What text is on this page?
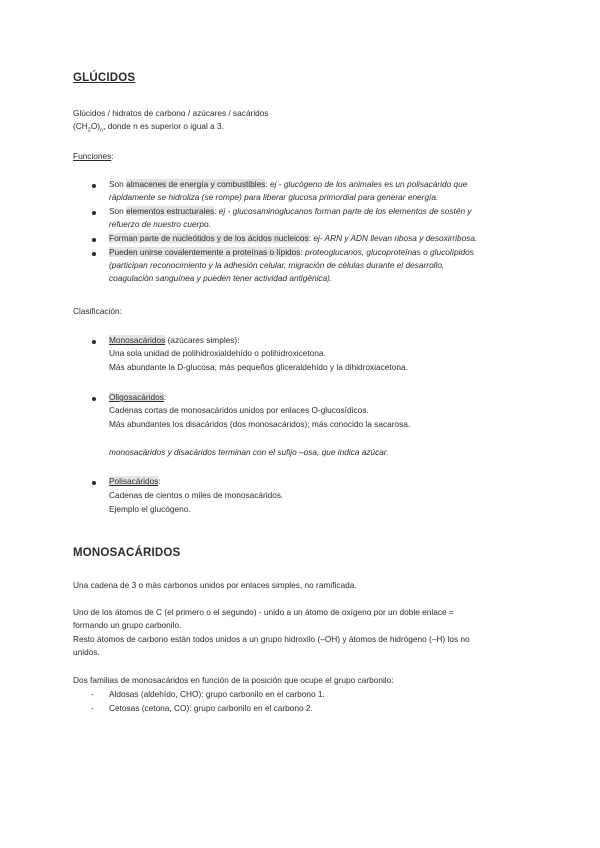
GLÚCIDOS
Glúcidos / hidratos de carbono / azúcares / sacáridos
$(CH_2O)_n$, donde n es superior o igual a 3.
Funciones:
Son almacenes de energía y combustibles: ej - glucógeno de los animales es un polisacárido que
rápidamente se hidroliza (se rompe) para liberar glucosa primordial para generar energía.
Son elementos estructurales: ej - glucosaminoglucanos forman parte de los elementos de sostén y
refuerzo de nuestro cuerpo.
Forman parte de nucleótidos y de los ácidos nucleicos: ej- ARN y ADN llevan ribosa y desoxirribosa.
Pueden unirse covalentemente a proteínas o lípidos: proteoglucanos, glucoproteínas o glucolípidos
(participan reconocimiento y la adhesión celular, migración de células durante el desarrollo,
coagulación sanguínea y pueden tener actividad antigénica).
Clasificación:
Monosacáridos (azúcares simples):
Una sola unidad de polihidroxialdehído o polihidroxicetona.
Más abundante la D-glucosa; más pequeños gliceraldehído y la dihidroxiacetona.
Oligosacáridos:
Cadenas cortas de monosacáridos unidos por enlaces O-glucosídicos.
Más abundantes los disacáridos (dos monosacáridos); más conocido la sacarosa.
monosacáridos y disacáridos terminan con el sufijo –osa, que indica azúcar.
Polisacáridos:
Cadenas de cientos o miles de monosacáridos.
Ejemplo el glucógeno.
MONOSACÁRIDOS
Una cadena de 3 o más carbonos unidos por enlaces simples, no ramificada.
Uno de los átomos de C (el primero o el segundo) - unido a un átomo de oxígeno por un doble enlace =
formando un grupo carbonilo.
Resto átomos de carbono están todos unidos a un grupo hidroxilo (–OH) y átomos de hidrógeno (–H) los no
unidos.
Dos familias de monosacáridos en función de la posición que ocupe el grupo carbonilo:
- Aldosas (aldehído, CHO): grupo carbonilo en el carbono 1.
- Cetosas (cetona, CO): grupo carbonilo en el carbono 2.
